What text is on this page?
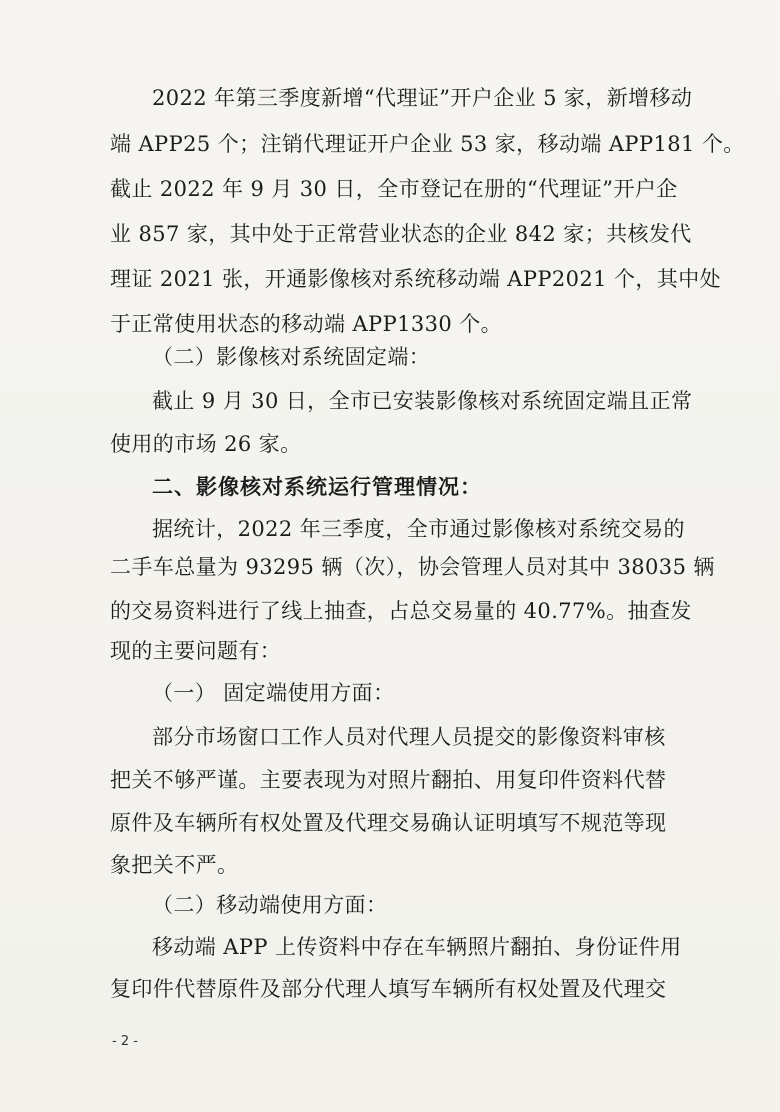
2022 年第三季度新增“代理证”开户企业 5 家，新增移动
端 APP25 个；注销代理证开户企业 53 家，移动端 APP181 个。
截止 2022 年 9 月 30 日，全市登记在册的“代理证”开户企
业 857 家，其中处于正常营业状态的企业 842 家；共核发代
理证 2021 张，开通影像核对系统移动端 APP2021 个，其中处
于正常使用状态的移动端 APP1330 个。
（二）影像核对系统固定端：
截止 9 月 30 日，全市已安装影像核对系统固定端且正常
使用的市场 26 家。
二、影像核对系统运行管理情况：
据统计，2022 年三季度，全市通过影像核对系统交易的
二手车总量为 93295 辆（次），协会管理人员对其中 38035 辆
的交易资料进行了线上抽查，占总交易量的 40.77%。抽查发
现的主要问题有：
（一） 固定端使用方面：
部分市场窗口工作人员对代理人员提交的影像资料审核
把关不够严谨。主要表现为对照片翻拍、用复印件资料代替
原件及车辆所有权处置及代理交易确认证明填写不规范等现
象把关不严。
（二）移动端使用方面：
移动端 APP 上传资料中存在车辆照片翻拍、身份证件用
复印件代替原件及部分代理人填写车辆所有权处置及代理交
- 2 -
